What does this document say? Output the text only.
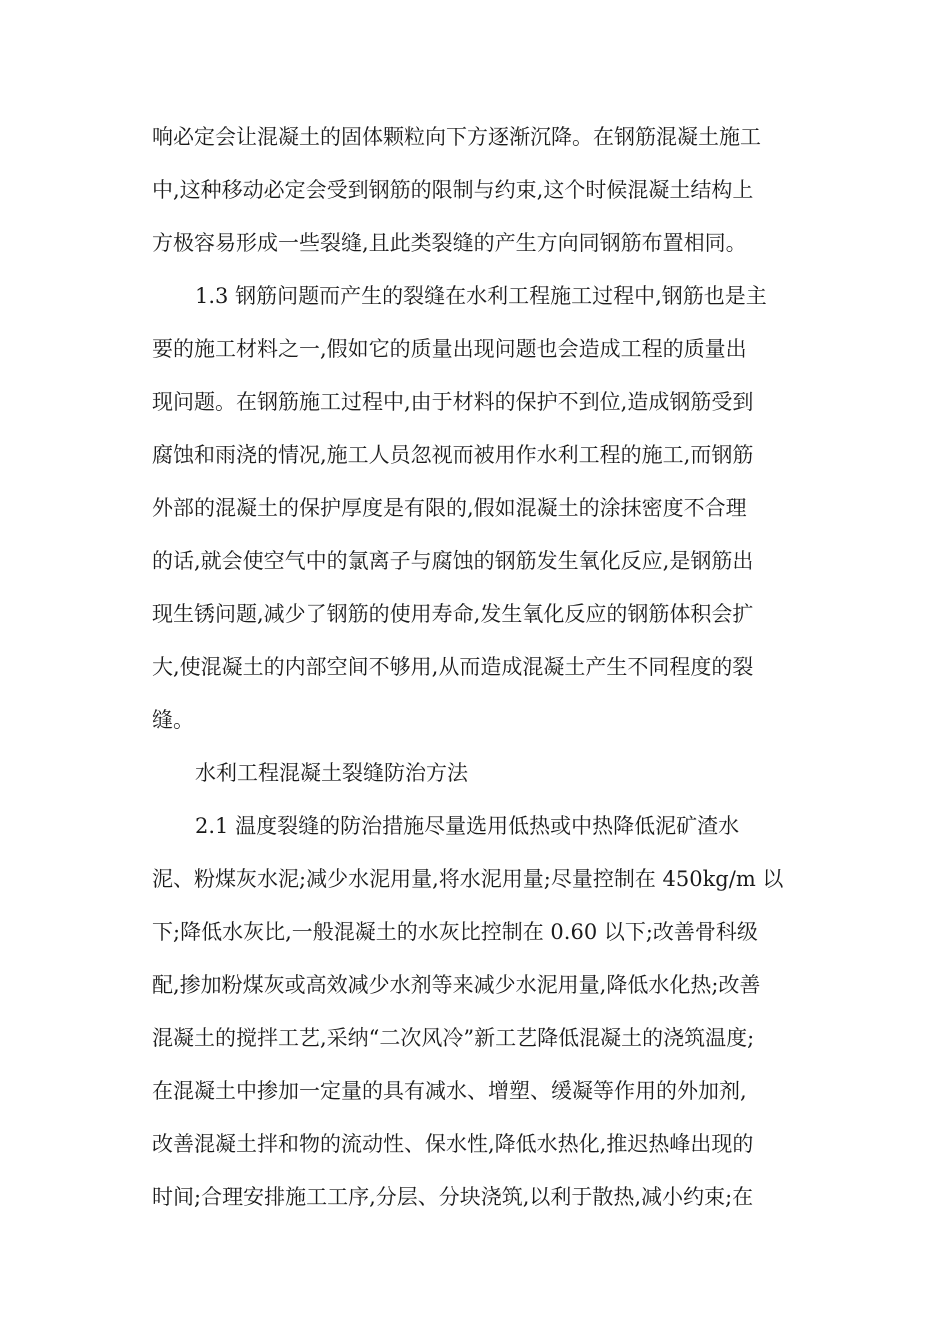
响必定会让混凝土的固体颗粒向下方逐渐沉降。在钢筋混凝土施工
中,这种移动必定会受到钢筋的限制与约束,这个时候混凝土结构上
方极容易形成一些裂缝,且此类裂缝的产生方向同钢筋布置相同。
1.3 钢筋问题而产生的裂缝在水利工程施工过程中,钢筋也是主
要的施工材料之一,假如它的质量出现问题也会造成工程的质量出
现问题。在钢筋施工过程中,由于材料的保护不到位,造成钢筋受到
腐蚀和雨浇的情况,施工人员忽视而被用作水利工程的施工,而钢筋
外部的混凝土的保护厚度是有限的,假如混凝土的涂抹密度不合理
的话,就会使空气中的氯离子与腐蚀的钢筋发生氧化反应,是钢筋出
现生锈问题,减少了钢筋的使用寿命,发生氧化反应的钢筋体积会扩
大,使混凝土的内部空间不够用,从而造成混凝土产生不同程度的裂
缝。
水利工程混凝土裂缝防治方法
2.1 温度裂缝的防治措施尽量选用低热或中热降低泥矿渣水
泥、粉煤灰水泥;减少水泥用量,将水泥用量;尽量控制在 450kg/m 以
下;降低水灰比,一般混凝土的水灰比控制在 0.60 以下;改善骨科级
配,掺加粉煤灰或高效减少水剂等来减少水泥用量,降低水化热;改善
混凝土的搅拌工艺,采纳“二次风冷”新工艺降低混凝土的浇筑温度;
在混凝土中掺加一定量的具有减水、增塑、缓凝等作用的外加剂,
改善混凝土拌和物的流动性、保水性,降低水热化,推迟热峰出现的
时间;合理安排施工工序,分层、分块浇筑,以利于散热,减小约束;在
